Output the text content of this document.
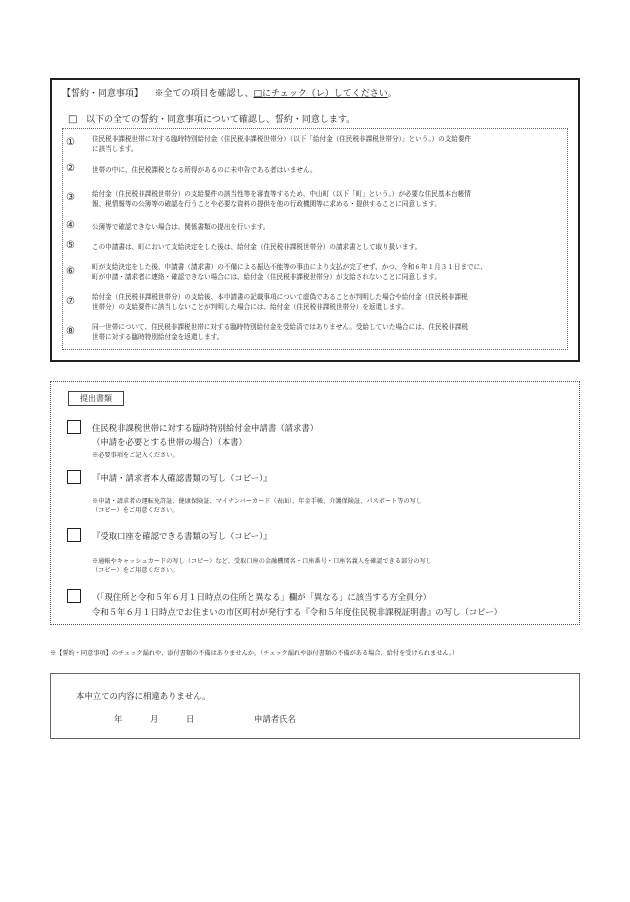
【誓約・同意事項】 ※全ての項目を確認し、□にチェック（レ）してください。
□ 以下の全ての誓約・同意事項について確認し、誓約・同意します。
①	住民税非課税世帯に対する臨時特別給付金（住民税非課税世帯分）（以下「給付金（住民税非課税世帯分）」という。）の支給要件
に該当します。
②	世帯の中に、住民税課税となる所得があるのに未申告である者はいません。
③	給付金（住民税非課税世帯分）の支給要件の該当性等を審査等するため、中山町（以下「町」という。）が必要な住民基本台帳情
報、税情報等の公簿等の確認を行うことや必要な資料の提供を他の行政機関等に求める・提供することに同意します。
④	公簿等で確認できない場合は、関係書類の提出を行います。
⑤	この申請書は、町において支給決定をした後は、給付金（住民税非課税世帯分）の請求書として取り扱います。
⑥	町が支給決定をした後、申請書（請求書）の不備による振込不能等の事由により支払が完了せず、かつ、令和６年１月３１日までに、
町が申請・請求者に連絡・確認できない場合には、給付金（住民税非課税世帯分）が支給されないことに同意します。
⑦	給付金（住民税非課税世帯分）の支給後、本申請書の記載事項について虚偽であることが判明した場合や給付金（住民税非課税
世帯分）の支給要件に該当しないことが判明した場合には、給付金（住民税非課税世帯分）を返還します。
⑧	同一世帯について、住民税非課税世帯に対する臨時特別給付金を受給済ではありません。受給していた場合には、住民税非課税
世帯に対する臨時特別給付金を返還します。
提出書類
住民税非課税世帯に対する臨時特別給付金申請書（請求書）
（申請を必要とする世帯の場合）（本書）
※必要事項をご記入ください。
『申請・請求者本人確認書類の写し（コピー）』
※申請・請求者の運転免許証、健康保険証、マイナンバーカード（表面）、年金手帳、介護保険証、パスポート等の写し
（コピー）をご用意ください。
『受取口座を確認できる書類の写し（コピー）』
※通帳やキャッシュカードの写し（コピー）など、受取口座の金融機関名・口座番号・口座名義人を確認できる部分の写し
（コピー）をご用意ください。
（「現住所と令和５年６月１日時点の住所と異なる」欄が「異なる」に該当する方全員分）
令和５年６月１日時点でお住まいの市区町村が発行する『令和５年度住民税非課税証明書』の写し（コピー）
※【誓約・同意事項】のチェック漏れや、添付書類の不備はありませんか。（チェック漏れや添付書類の不備がある場合、給付を受けられません。）
本申立ての内容に相違ありません。
年	月	日	申請者氏名
